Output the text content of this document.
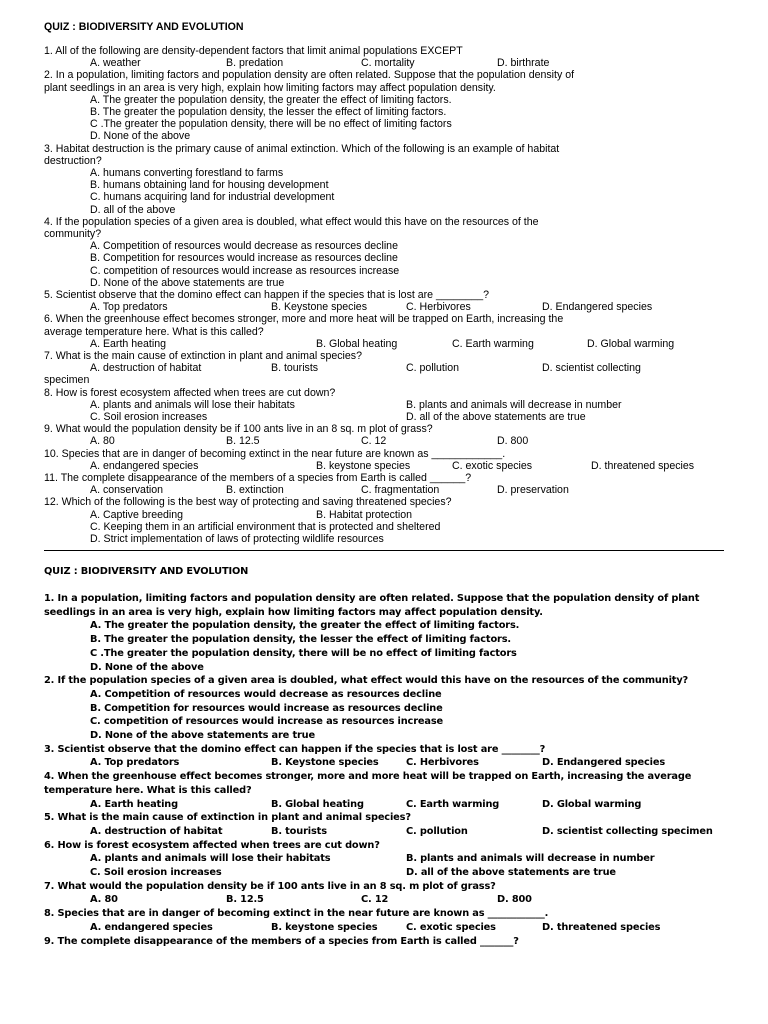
QUIZ : BIODIVERSITY AND EVOLUTION
1. All of the following are density-dependent factors that limit animal populations EXCEPT
A. weather	B. predation	C. mortality	D. birthrate
2. In a population, limiting factors and population density are often related. Suppose that the population density of
plant seedlings in an area is very high, explain how limiting factors may affect population density.
A. The greater the population density, the greater the effect of limiting factors.
B. The greater the population density, the lesser the effect of limiting factors.
C .The greater the population density, there will be no effect of limiting factors
D. None of the above
3. Habitat destruction is the primary cause of animal extinction. Which of the following is an example of habitat
destruction?
A. humans converting forestland to farms
B. humans obtaining land for housing development
C. humans acquiring land for industrial development
D. all of the above
4. If the population species of a given area is doubled, what effect would this have on the resources of the
community?
A. Competition of resources would decrease as resources decline
B. Competition for resources would increase as resources decline
C. competition of resources would increase as resources increase
D. None of the above statements are true
5. Scientist observe that the domino effect can happen if the species that is lost are ________?
A. Top predators	B. Keystone species	C. Herbivores	D. Endangered species
6. When the greenhouse effect becomes stronger, more and more heat will be trapped on Earth, increasing the
average temperature here. What is this called?
A. Earth heating	B. Global heating	C. Earth warming	D. Global warming
7. What is the main cause of extinction in plant and animal species?
A. destruction of habitat	B. tourists	C. pollution	D. scientist collecting
specimen
8. How is forest ecosystem affected when trees are cut down?
A. plants and animals will lose their habitats	B. plants and animals will decrease in number
C. Soil erosion increases	D. all of the above statements are true
9. What would the population density be if 100 ants live in an 8 sq. m plot of grass?
A. 80	B. 12.5	C. 12	D. 800
10. Species that are in danger of becoming extinct in the near future are known as ____________.
A. endangered species	B. keystone species	C. exotic species	D. threatened species
11. The complete disappearance of the members of a species from Earth is called ______?
A. conservation	B. extinction	C. fragmentation	D. preservation
12. Which of the following is the best way of protecting and saving threatened species?
A. Captive breeding	B. Habitat protection
C. Keeping them in an artificial environment that is protected and sheltered
D. Strict implementation of laws of protecting wildlife resources
QUIZ : BIODIVERSITY AND EVOLUTION
1. In a population, limiting factors and population density are often related. Suppose that the population density of plant
seedlings in an area is very high, explain how limiting factors may affect population density.
A. The greater the population density, the greater the effect of limiting factors.
B. The greater the population density, the lesser the effect of limiting factors.
C .The greater the population density, there will be no effect of limiting factors
D. None of the above
2. If the population species of a given area is doubled, what effect would this have on the resources of the community?
A. Competition of resources would decrease as resources decline
B. Competition for resources would increase as resources decline
C. competition of resources would increase as resources increase
D. None of the above statements are true
3. Scientist observe that the domino effect can happen if the species that is lost are ________?
A. Top predators	B. Keystone species	C. Herbivores	D. Endangered species
4. When the greenhouse effect becomes stronger, more and more heat will be trapped on Earth, increasing the average
temperature here. What is this called?
A. Earth heating	B. Global heating	C. Earth warming	D. Global warming
5. What is the main cause of extinction in plant and animal species?
A. destruction of habitat	B. tourists	C. pollution	D. scientist collecting specimen
6. How is forest ecosystem affected when trees are cut down?
A. plants and animals will lose their habitats	B. plants and animals will decrease in number
C. Soil erosion increases	D. all of the above statements are true
7. What would the population density be if 100 ants live in an 8 sq. m plot of grass?
A. 80	B. 12.5	C. 12	D. 800
8. Species that are in danger of becoming extinct in the near future are known as ____________.
A. endangered species	B. keystone species	C. exotic species	D. threatened species
9. The complete disappearance of the members of a species from Earth is called _______?
